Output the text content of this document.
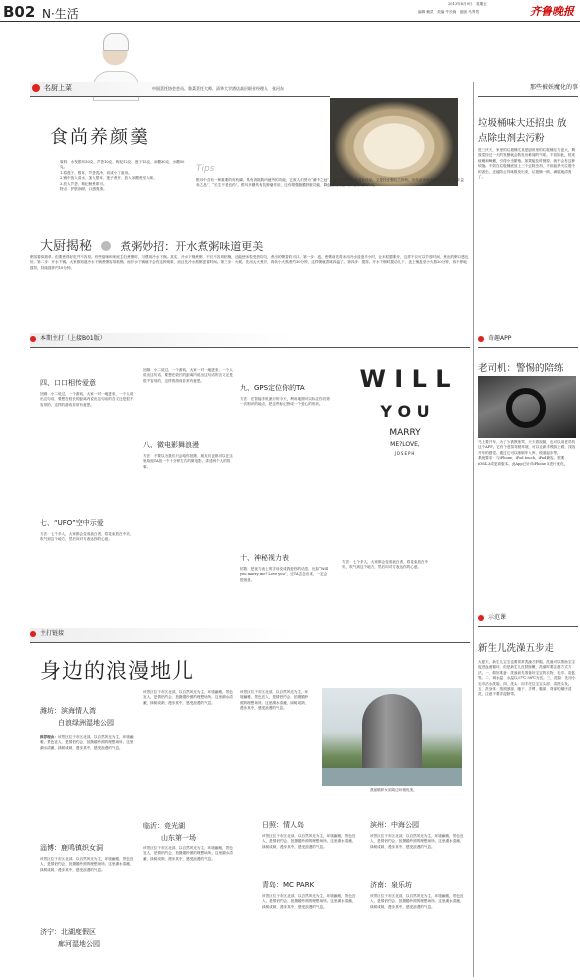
B02 N·生活
2013年8月9日　星期五
编辑 赖武　美编 牛长晓　组版 马秀男	齐鲁晚报
名厨上菜	中国烹饪协会会员、鲁菜烹饪大师、清华大学酒店高层职业经理人　张河东
食尚养颜羹
原料：水发银耳50克、芦荟10克、枸杞12克、莲子15克、冰糖30克、水糖50克。
1.将莲子、银耳、芦荟洗净，切成小丁备用。
2.锅中放入清水，加入银耳、莲子煮开，放入冰糖煮至入味。
3.放入芦荟、枸杞稍煮即可。
特点：护肤润颜，口感爽滑。
Tips
银耳中含有一种重要的有机磷，具有消除肌肉疲劳的功能；它被人们誉为“菌中之冠”，既是名贵的营养滋补佳品，又是扶正强壮之补药。历代皇家贵族将银耳看作“延年益寿之品”、“长生不老良药”。银耳多糖具有抗肿瘤作用，还有增强胎膜肝脏功能、降血脂及增强人体免疫力的作用。
大厨揭秘	煮粥妙招：开水煮粥味道更美
粥虽看似简单，但要煮得好吃并不容易。有些厨师和家庭主妇煮粥时，习惯用冷水下锅。其实，开水下锅煮粥，不仅不容易粘锅，还能使米粒受热均匀，煮出的粥香软可口。第一步：泡。煮粥前先将米用冷水浸泡半小时，让米粒膨胀开，这样不仅可以节省时间，煮出的粥口感也好。第二步：开水下锅。大家都知道冷水下锅煮粥容易粘锅，而开水下锅就不会有这种现象，而且比冷水熬粥更省时间。第三步：火候。先用大火煮开，再转小火熬煮约30分钟，这样粥就香味四溢了。第四步：搅拌。开水下锅时搅动几下，盖上锅盖至小火熬20分钟，再不停地搅拌，持续搅拌约10分钟。
那些被妖魔化的事
垃圾桶味大还招虫 放点除虫剂去污粉
进三伏天，家里的垃圾桶尤其是厨房里的垃圾桶压力更大，剩饭菜经过一天的发酵就会散发出难闻的气味。不但如此，招来蚊蝇和蟑螂，引得小虫繁殖。如果能及时倒掉，就不会有这种烦恼。不妨在垃圾桶底放上三个去除虫剂，不但能杀灭垃圾中的害虫，还能防止异味散发出来，垃圾桶一倒，满屋就清爽了。
奇趣APP
老司机：警惕的陪练
马上要开车，为了少被教练骂，天天看视频，也可以用老司机这个APP。它有个虚拟驾驶环境，可以让新手模拟上路，找找开车的感觉。通过它可以练倒车入库、坡道起步等。
系统要求：与iPhone、iPod touch、iPad兼容。需要iOS4.3或更高版本。此App已针对iPhone 5进行优化。
示范课
新生儿洗澡五步走
大夏天，新生儿宝宝也要常常洗澡才舒服。洗澡可以帮助宝宝促进血液循环，但是新生儿皮肤娇嫩，洗澡时要注意方式方法。一、做好准备：洗澡前先准备好宝宝的衣物、毛巾、浴盆等。二、调水温：水温以37℃-38℃为宜。三、洗脸：先用小毛巾沾水洗脸。四、洗头：用手托住宝宝头部，清洗头发。五、洗身体：按照颈部、腋下、手臂、腹部、背部的顺序清洗，注意不要弄湿脐带。
本期主打（上接B01版）
四、口口相传爱意
回顾：小二说过，一个游戏，大家一对一地进来，一个人说出这句话，要想在较长的距离内说出这句话的含义还是很不容易的，这样的游戏非常有意思。
七、“UFO”空中示爱
方法：七个多人，大家都会变成表白者，将花束放在中央，吹气到这个地方，然后向对方表达你的心意。
回顾：小二说过，一个游戏，大家一对一地进来，一个人说出这句话，要想在较长的距离内说出这句话的含义还是很不容易的，这样的游戏非常有意思。
八、微电影舞浪漫
方法：不要以为我们只会给你拍摄，朋友们也都可以在这里给他TA拍一个十分钟左右的微电影，讲述两个人的故事。
九、GPS定位你的TA
方法：在智能手机流行的今天，利用地图可以标注你们第一次相识的地点，把这些标记拼成一个爱心的形状。
十、神秘视力表
招数：把视力表上的字母变成我爱你的话语，比如“Will you marry me? Love you”，让TA去念出来，一定会很惊喜。
方法：七个多人，大家都会变成表白者，将花束放在中央，吹气到这个地方，然后向对方表达你的心意。
W I L L
Y O U
MARRY
ME?LOVE,
JOSEPH
主打链接
身边的浪漫地儿
潍坊：滨海情人湾
白浪绿洲湿地公园
推荐理由：该景区位于市区北部，以自然风光为主，环境幽雅，景色宜人，是情侣约会、拍摄婚纱照的理想场所。这里湖水清澈，绿树成荫，漫步其中，感受浪漫的气息。
淄博：鹿鸣镇织女洞
该景区位于市区北部，以自然风光为主，环境幽雅，景色宜人，是情侣约会、拍摄婚纱照的理想场所。这里湖水清澈，绿树成荫，漫步其中，感受浪漫的气息。
济宁：北湖度假区
廊河湿地公园
该景区位于市区北部，以自然风光为主，环境幽雅，景色宜人，是情侣约会、拍摄婚纱照的理想场所。这里湖水清澈，绿树成荫，漫步其中，感受浪漫的气息。
该景区位于市区北部，以自然风光为主，环境幽雅，景色宜人，是情侣约会、拍摄婚纱照的理想场所。这里湖水清澈，绿树成荫，漫步其中，感受浪漫的气息。
临沂：竞光湖
山东第一场
该景区位于市区北部，以自然风光为主，环境幽雅，景色宜人，是情侣约会、拍摄婚纱照的理想场所。这里湖水清澈，绿树成荫，漫步其中，感受浪漫的气息。
燕崖镇织女洞周边环境优美。
日照：情人岛
该景区位于市区北部，以自然风光为主，环境幽雅，景色宜人，是情侣约会、拍摄婚纱照的理想场所。这里湖水清澈，绿树成荫，漫步其中，感受浪漫的气息。
青岛：MC PARK
该景区位于市区北部，以自然风光为主，环境幽雅，景色宜人，是情侣约会、拍摄婚纱照的理想场所。这里湖水清澈，绿树成荫，漫步其中，感受浪漫的气息。
滨州：中海公园
该景区位于市区北部，以自然风光为主，环境幽雅，景色宜人，是情侣约会、拍摄婚纱照的理想场所。这里湖水清澈，绿树成荫，漫步其中，感受浪漫的气息。
济南：泉乐坊
该景区位于市区北部，以自然风光为主，环境幽雅，景色宜人，是情侣约会、拍摄婚纱照的理想场所。这里湖水清澈，绿树成荫，漫步其中，感受浪漫的气息。
